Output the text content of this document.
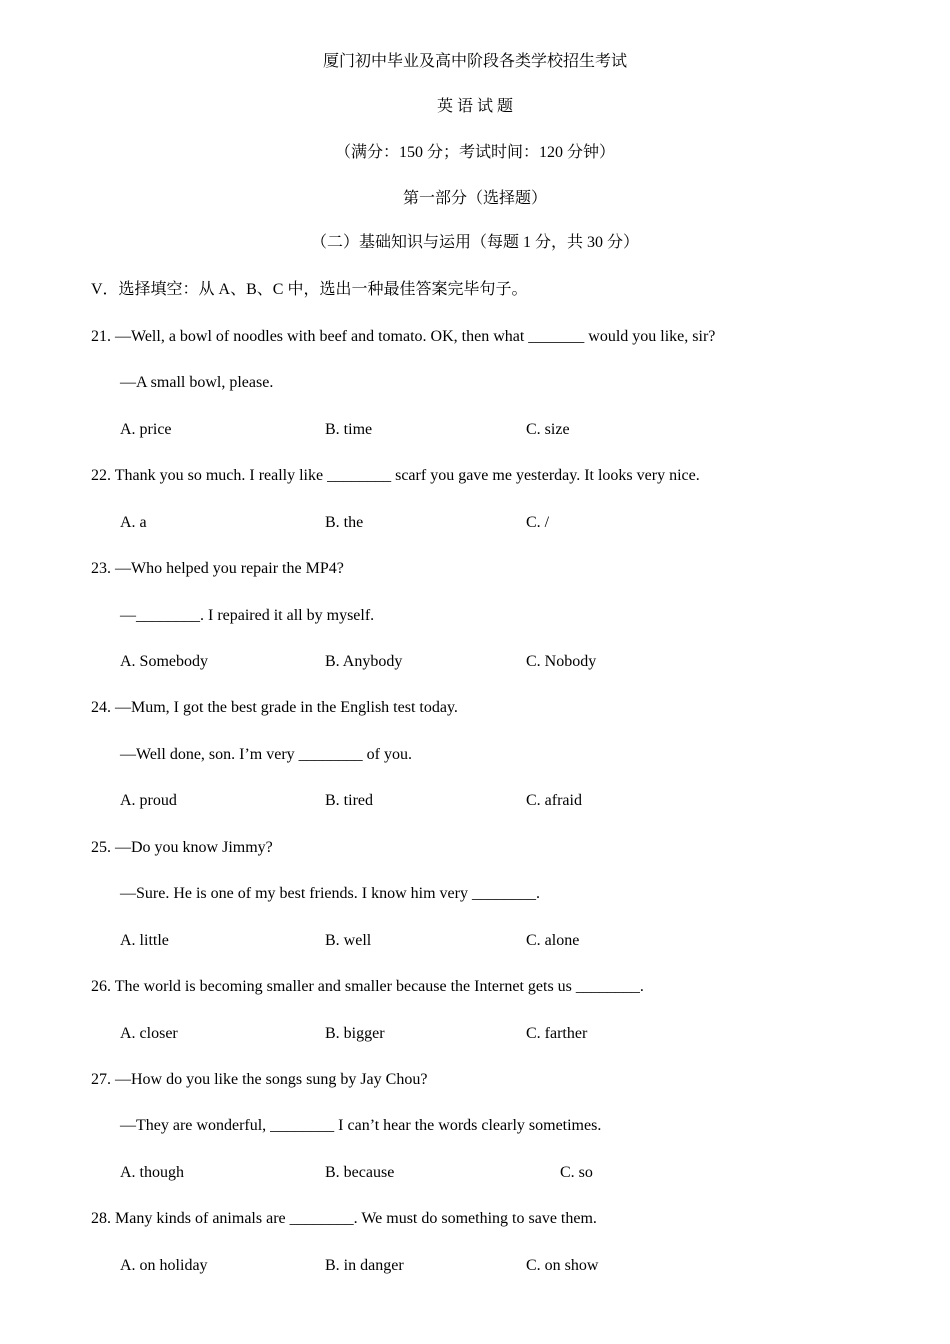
厦门初中毕业及高中阶段各类学校招生考试
英 语 试 题
（满分：150 分；考试时间：120 分钟）
第一部分（选择题）
（二）基础知识与运用（每题 1 分，共 30 分）
V．选择填空：从 A、B、C 中，选出一种最佳答案完毕句子。
21. —Well, a bowl of noodles with beef and tomato. OK, then what _______ would you like, sir?
—A small bowl, please.
A. price	B. time	C. size
22. Thank you so much. I really like ________ scarf you gave me yesterday. It looks very nice.
A. a	B. the	C. /
23. —Who helped you repair the MP4?
—________. I repaired it all by myself.
A. Somebody	B. Anybody	C. Nobody
24. —Mum, I got the best grade in the English test today.
—Well done, son. I’m very ________ of you.
A. proud	B. tired	C. afraid
25. —Do you know Jimmy?
—Sure. He is one of my best friends. I know him very ________.
A. little	B. well	C. alone
26. The world is becoming smaller and smaller because the Internet gets us ________.
A. closer	B. bigger	C. farther
27. —How do you like the songs sung by Jay Chou?
—They are wonderful, ________ I can’t hear the words clearly sometimes.
A. though	B. because	C. so
28. Many kinds of animals are ________. We must do something to save them.
A. on holiday	B. in danger	C. on show
